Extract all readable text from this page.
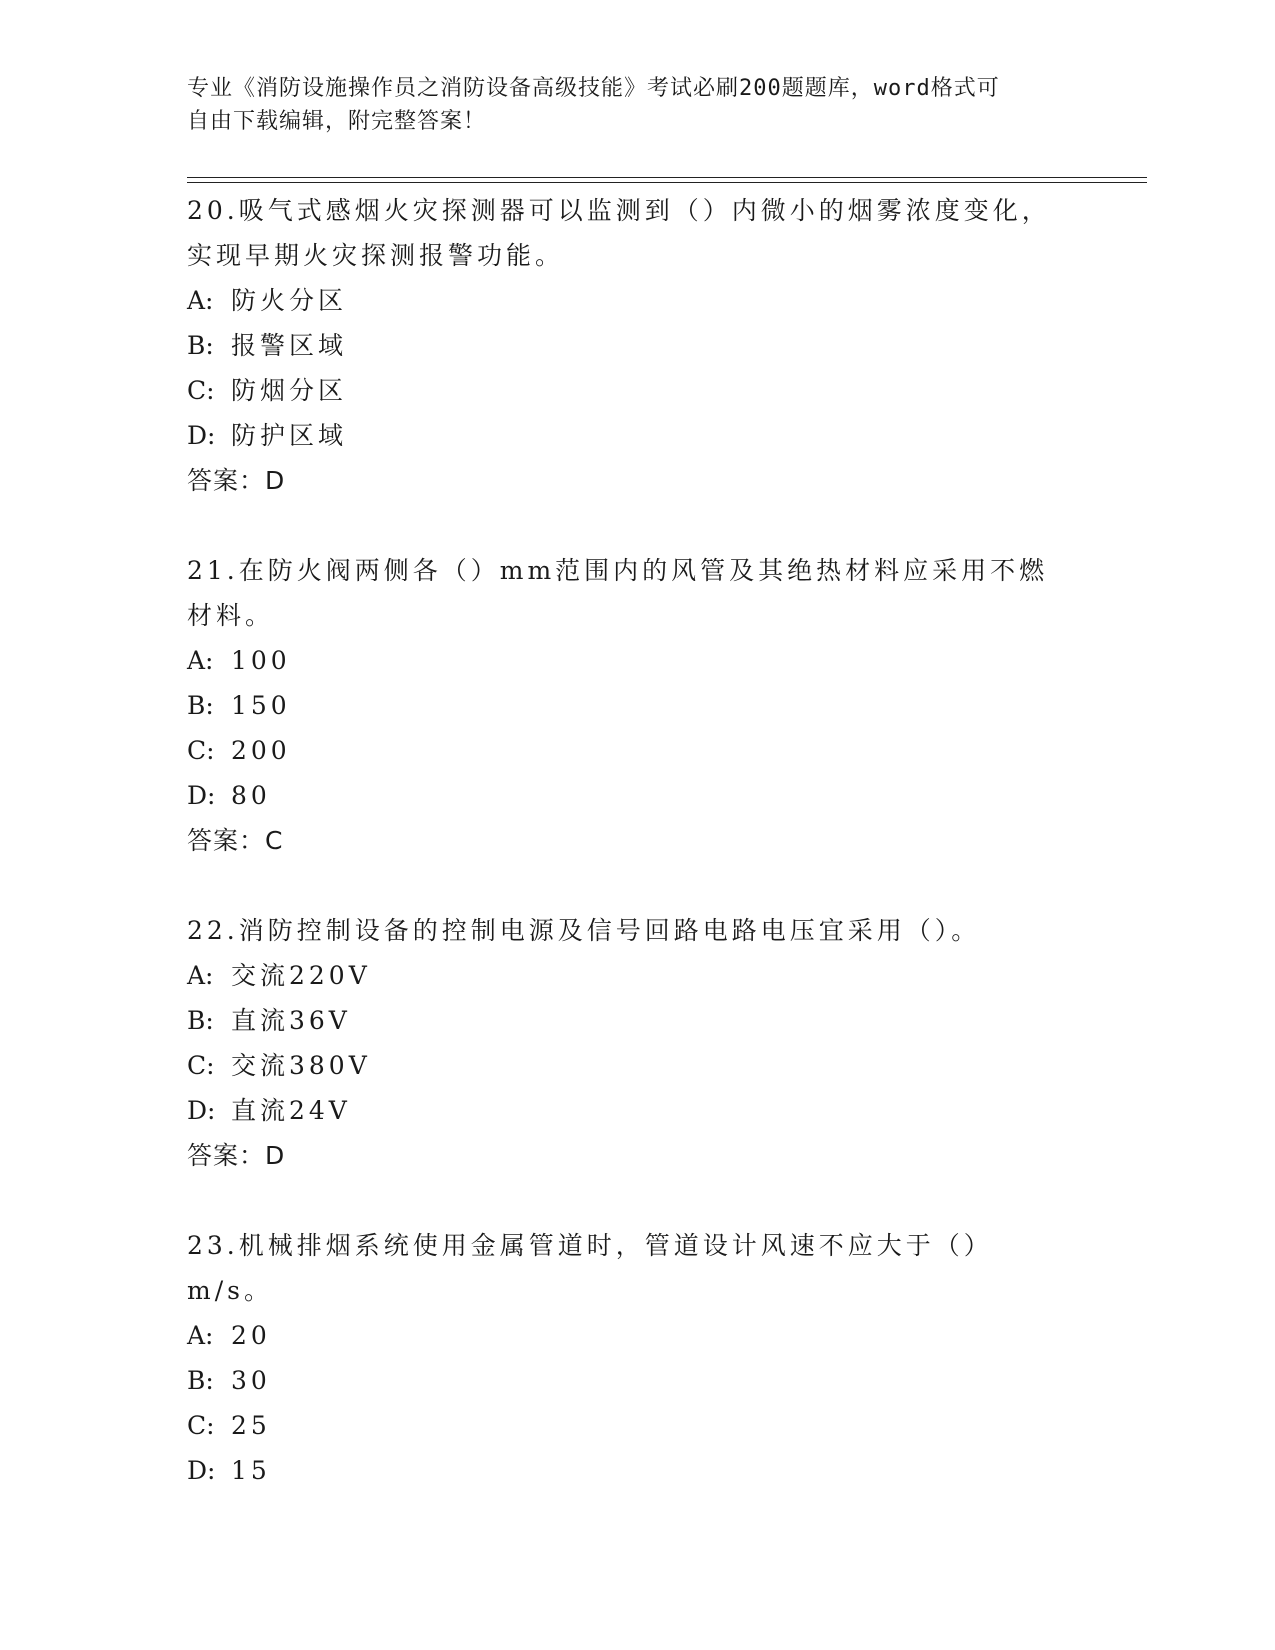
专业《消防设施操作员之消防设备高级技能》考试必刷200题题库，word格式可
自由下载编辑，附完整答案！
20.吸气式感烟火灾探测器可以监测到（）内微小的烟雾浓度变化，实现早期火灾探测报警功能。
A: 防火分区
B: 报警区域
C: 防烟分区
D: 防护区域
答案：D
21.在防火阀两侧各（）mm范围内的风管及其绝热材料应采用不燃材料。
A: 100
B: 150
C: 200
D: 80
答案：C
22.消防控制设备的控制电源及信号回路电路电压宜采用（）。
A: 交流220V
B: 直流36V
C: 交流380V
D: 直流24V
答案：D
23.机械排烟系统使用金属管道时，管道设计风速不应大于（）m/s。
A: 20
B: 30
C: 25
D: 15
